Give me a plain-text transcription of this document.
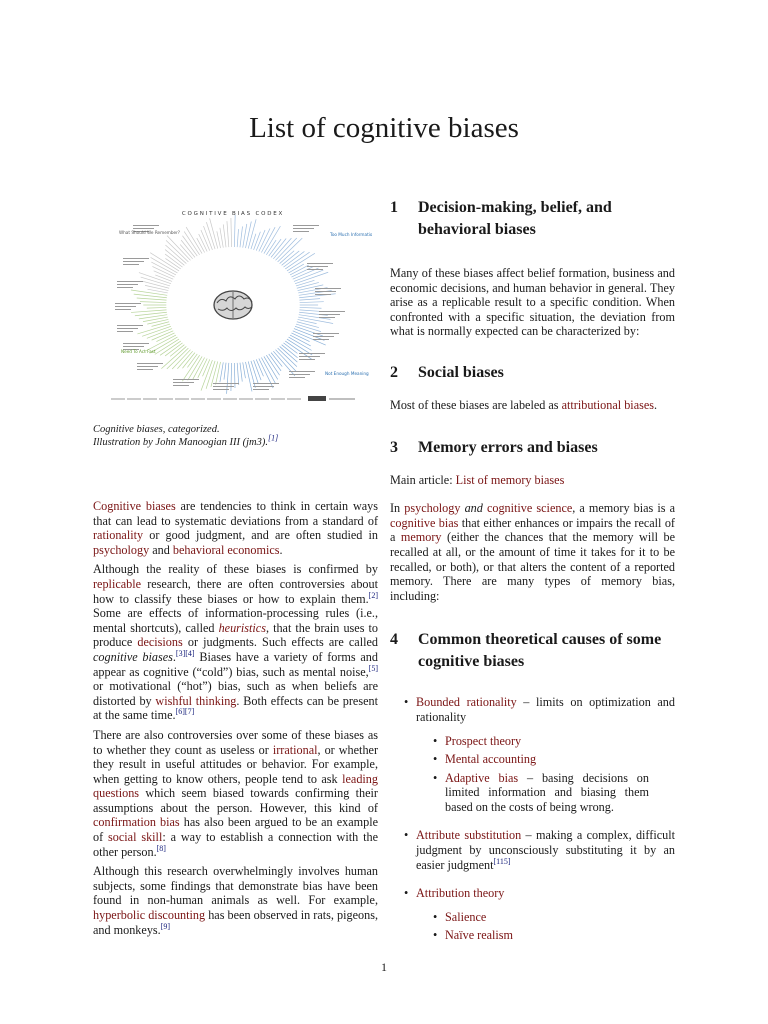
List of cognitive biases
COGNITIVE BIAS CODEX
What Should We Remember?	Too Much Information
Need To Act Fast
Not Enough Meaning

Cognitive biases, categorized.
Illustration by John Manoogian III (jm3).[1]

Cognitive biases are tendencies to think in certain ways that can lead to systematic deviations from a standard of rationality or good judgment, and are often studied in psychology and behavioral economics.

Although the reality of these biases is confirmed by replicable research, there are often controversies about how to classify these biases or how to explain them.[2] Some are effects of information-processing rules (i.e., mental shortcuts), called heuristics, that the brain uses to produce decisions or judgments. Such effects are called cognitive biases.[3][4] Biases have a variety of forms and appear as cognitive (“cold”) bias, such as mental noise,[5] or motivational (“hot”) bias, such as when beliefs are distorted by wishful thinking. Both effects can be present at the same time.[6][7]

There are also controversies over some of these biases as to whether they count as useless or irrational, or whether they result in useful attitudes or behavior. For example, when getting to know others, people tend to ask leading questions which seem biased towards confirming their assumptions about the person. However, this kind of confirmation bias has also been argued to be an example of social skill: a way to establish a connection with the other person.[8]

Although this research overwhelmingly involves human subjects, some findings that demonstrate bias have been found in non-human animals as well. For example, hyperbolic discounting has been observed in rats, pigeons, and monkeys.[9]

1	Decision-making, belief, and behavioral biases

Many of these biases affect belief formation, business and economic decisions, and human behavior in general. They arise as a replicable result to a specific condition. When confronted with a specific situation, the deviation from what is normally expected can be characterized by:

2	Social biases

Most of these biases are labeled as attributional biases.

3	Memory errors and biases

Main article: List of memory biases

In psychology and cognitive science, a memory bias is a cognitive bias that either enhances or impairs the recall of a memory (either the chances that the memory will be recalled at all, or the amount of time it takes for it to be recalled, or both), or that alters the content of a reported memory. There are many types of memory bias, including:

4	Common theoretical causes of some cognitive biases
• Bounded rationality – limits on optimization and rationality
• Prospect theory
• Mental accounting
• Adaptive bias – basing decisions on limited information and biasing them based on the costs of being wrong.
• Attribute substitution – making a complex, difficult judgment by unconsciously substituting it by an easier judgment[115]
• Attribution theory
• Salience
• Naïve realism

1
